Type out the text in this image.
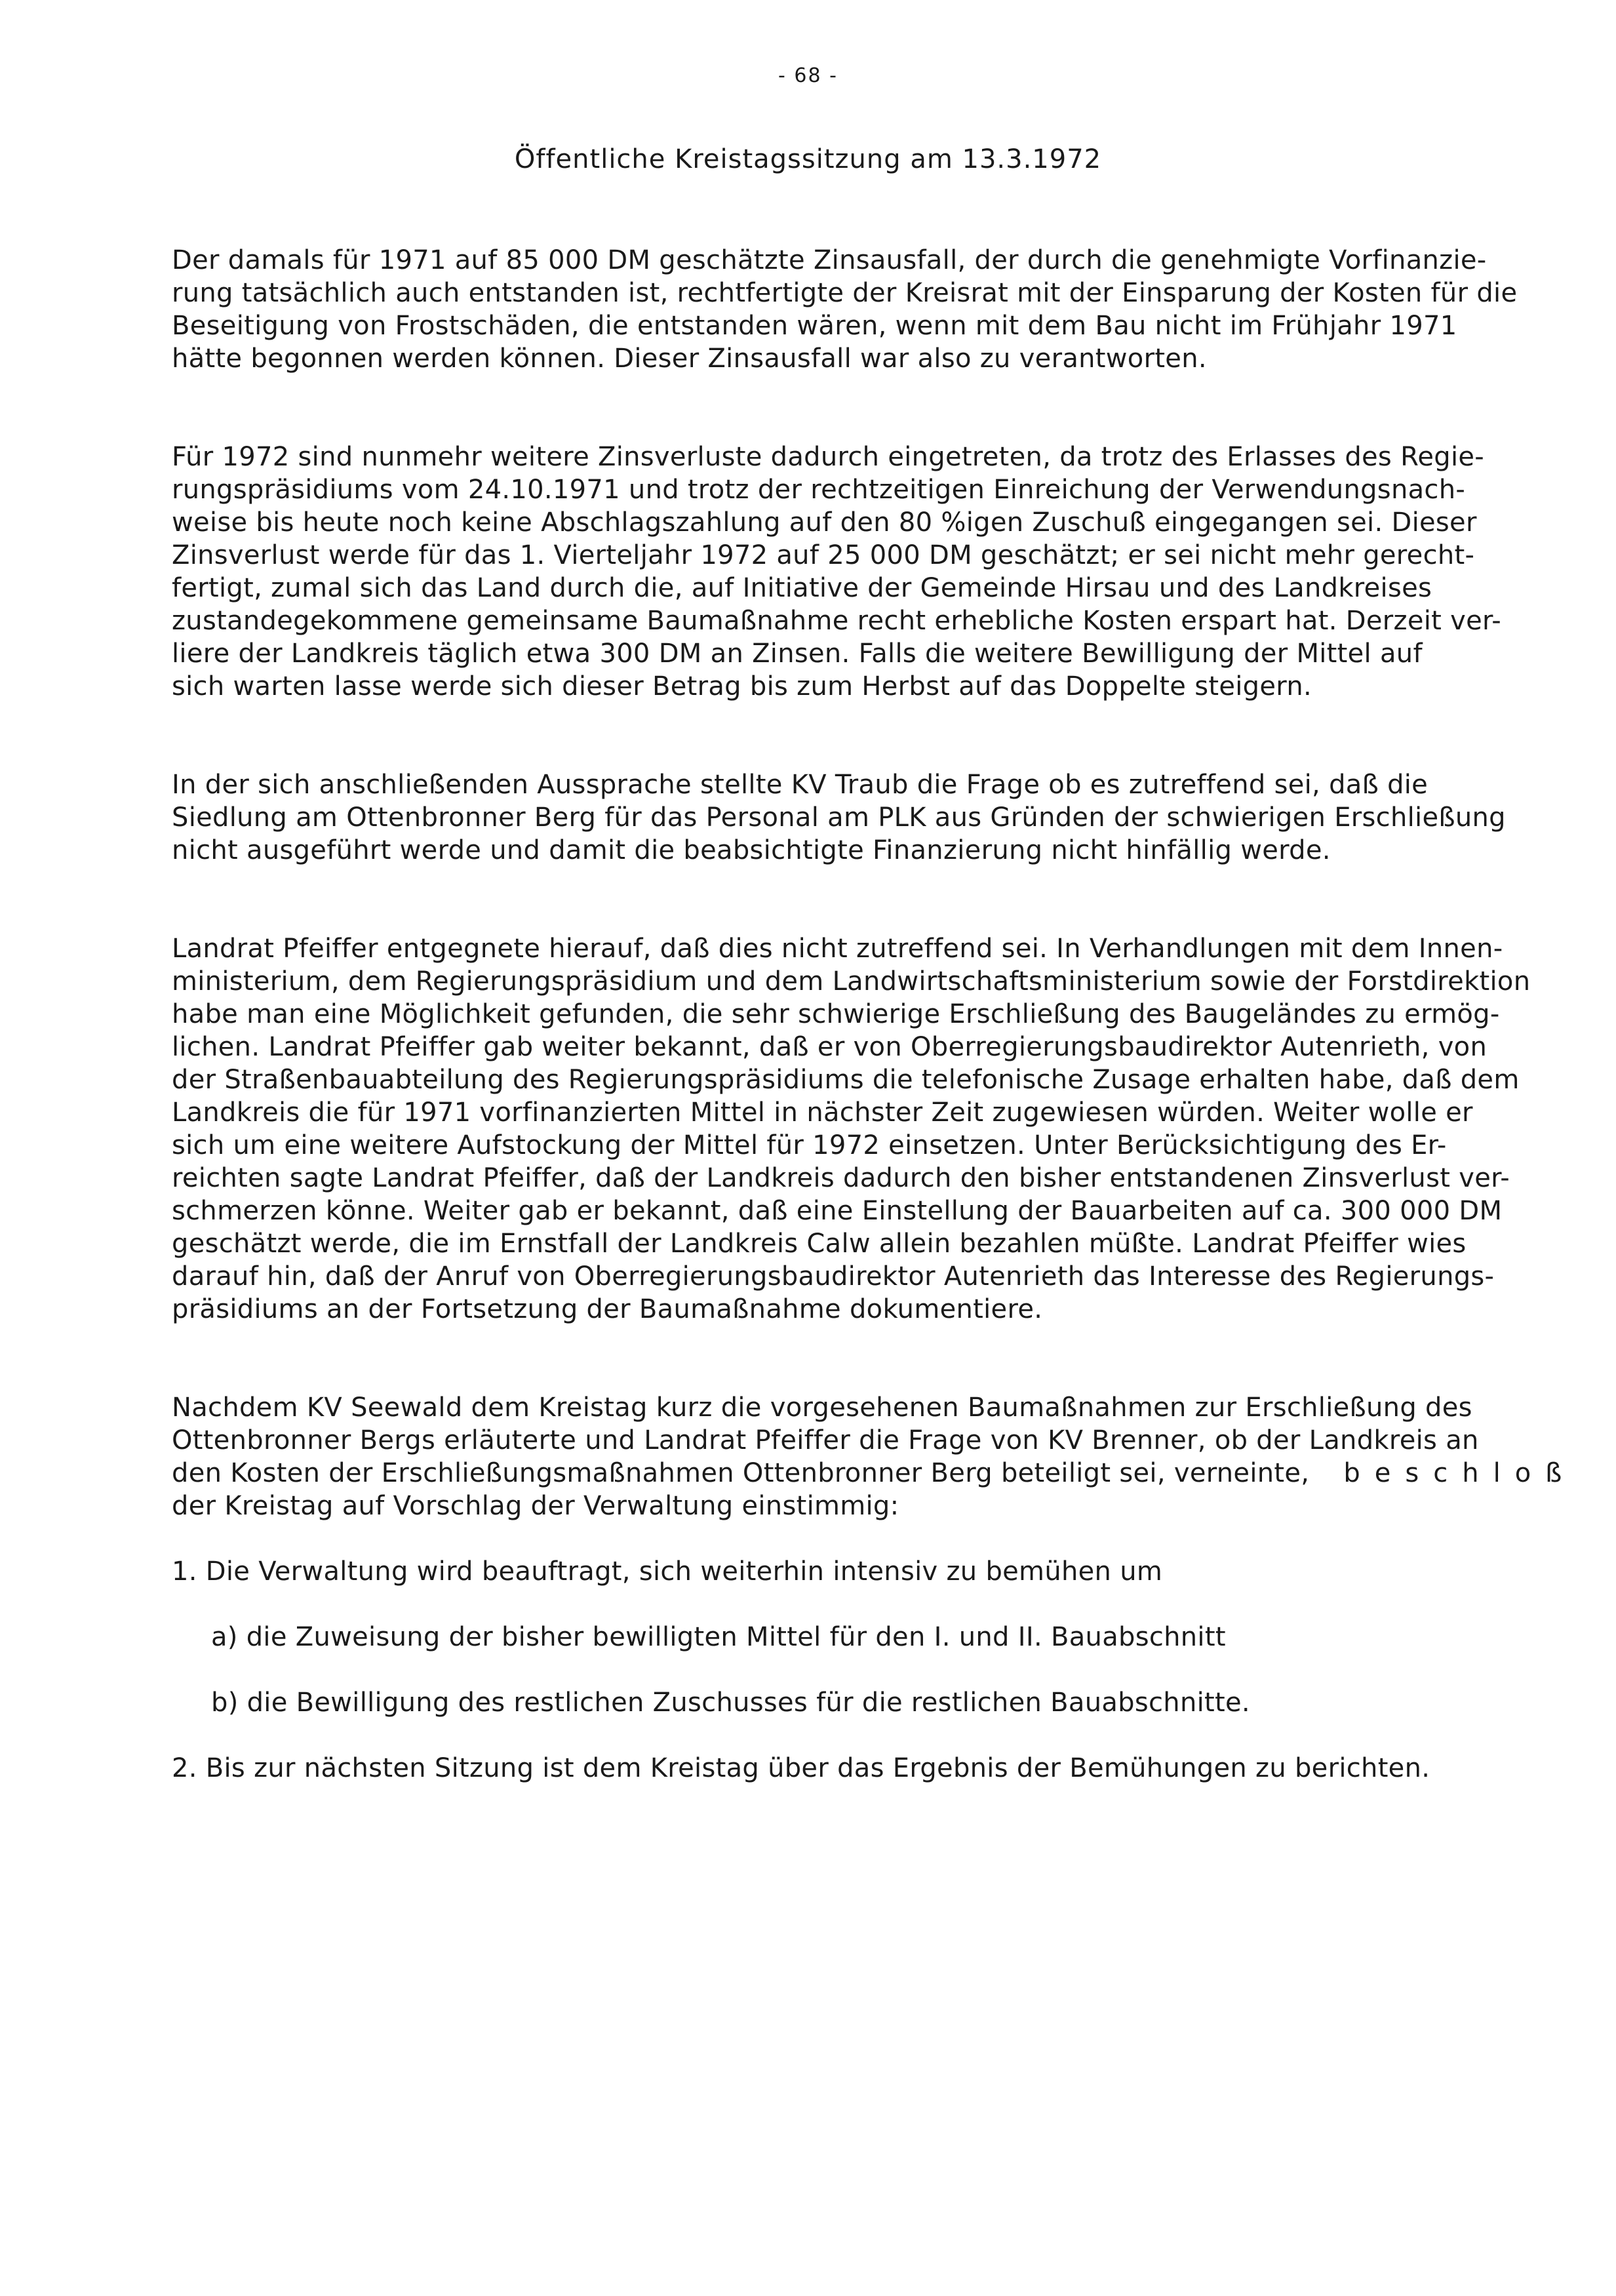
- 68 -
Öffentliche Kreistagssitzung am 13.3.1972
Der damals für 1971 auf 85 000 DM geschätzte Zinsausfall, der durch die genehmigte Vorfinanzie-
rung tatsächlich auch entstanden ist, rechtfertigte der Kreisrat mit der Einsparung der Kosten für die
Beseitigung von Frostschäden, die entstanden wären, wenn mit dem Bau nicht im Frühjahr 1971
hätte begonnen werden können. Dieser Zinsausfall war also zu verantworten.
Für 1972 sind nunmehr weitere Zinsverluste dadurch eingetreten, da trotz des Erlasses des Regie-
rungspräsidiums vom 24.10.1971 und trotz der rechtzeitigen Einreichung der Verwendungsnach-
weise bis heute noch keine Abschlagszahlung auf den 80 %igen Zuschuß eingegangen sei. Dieser
Zinsverlust werde für das 1. Vierteljahr 1972 auf 25 000 DM geschätzt; er sei nicht mehr gerecht-
fertigt, zumal sich das Land durch die, auf Initiative der Gemeinde Hirsau und des Landkreises
zustandegekommene gemeinsame Baumaßnahme recht erhebliche Kosten erspart hat. Derzeit ver-
liere der Landkreis täglich etwa 300 DM an Zinsen. Falls die weitere Bewilligung der Mittel auf
sich warten lasse werde sich dieser Betrag bis zum Herbst auf das Doppelte steigern.
In der sich anschließenden Aussprache stellte KV Traub die Frage ob es zutreffend sei, daß die
Siedlung am Ottenbronner Berg für das Personal am PLK aus Gründen der schwierigen Erschließung
nicht ausgeführt werde und damit die beabsichtigte Finanzierung nicht hinfällig werde.
Landrat Pfeiffer entgegnete hierauf, daß dies nicht zutreffend sei. In Verhandlungen mit dem Innen-
ministerium, dem Regierungspräsidium und dem Landwirtschaftsministerium sowie der Forstdirektion
habe man eine Möglichkeit gefunden, die sehr schwierige Erschließung des Baugeländes zu ermög-
lichen. Landrat Pfeiffer gab weiter bekannt, daß er von Oberregierungsbaudirektor Autenrieth, von
der Straßenbauabteilung des Regierungspräsidiums die telefonische Zusage erhalten habe, daß dem
Landkreis die für 1971 vorfinanzierten Mittel in nächster Zeit zugewiesen würden. Weiter wolle er
sich um eine weitere Aufstockung der Mittel für 1972 einsetzen. Unter Berücksichtigung des Er-
reichten sagte Landrat Pfeiffer, daß der Landkreis dadurch den bisher entstandenen Zinsverlust ver-
schmerzen könne. Weiter gab er bekannt, daß eine Einstellung der Bauarbeiten auf ca. 300 000 DM
geschätzt werde, die im Ernstfall der Landkreis Calw allein bezahlen müßte. Landrat Pfeiffer wies
darauf hin, daß der Anruf von Oberregierungsbaudirektor Autenrieth das Interesse des Regierungs-
präsidiums an der Fortsetzung der Baumaßnahme dokumentiere.
Nachdem KV Seewald dem Kreistag kurz die vorgesehenen Baumaßnahmen zur Erschließung des
Ottenbronner Bergs erläuterte und Landrat Pfeiffer die Frage von KV Brenner, ob der Landkreis an
den Kosten der Erschließungsmaßnahmen Ottenbronner Berg beteiligt sei, verneinte, beschloß
der Kreistag auf Vorschlag der Verwaltung einstimmig:
1. Die Verwaltung wird beauftragt, sich weiterhin intensiv zu bemühen um
a) die Zuweisung der bisher bewilligten Mittel für den I. und II. Bauabschnitt
b) die Bewilligung des restlichen Zuschusses für die restlichen Bauabschnitte.
2. Bis zur nächsten Sitzung ist dem Kreistag über das Ergebnis der Bemühungen zu berichten.
